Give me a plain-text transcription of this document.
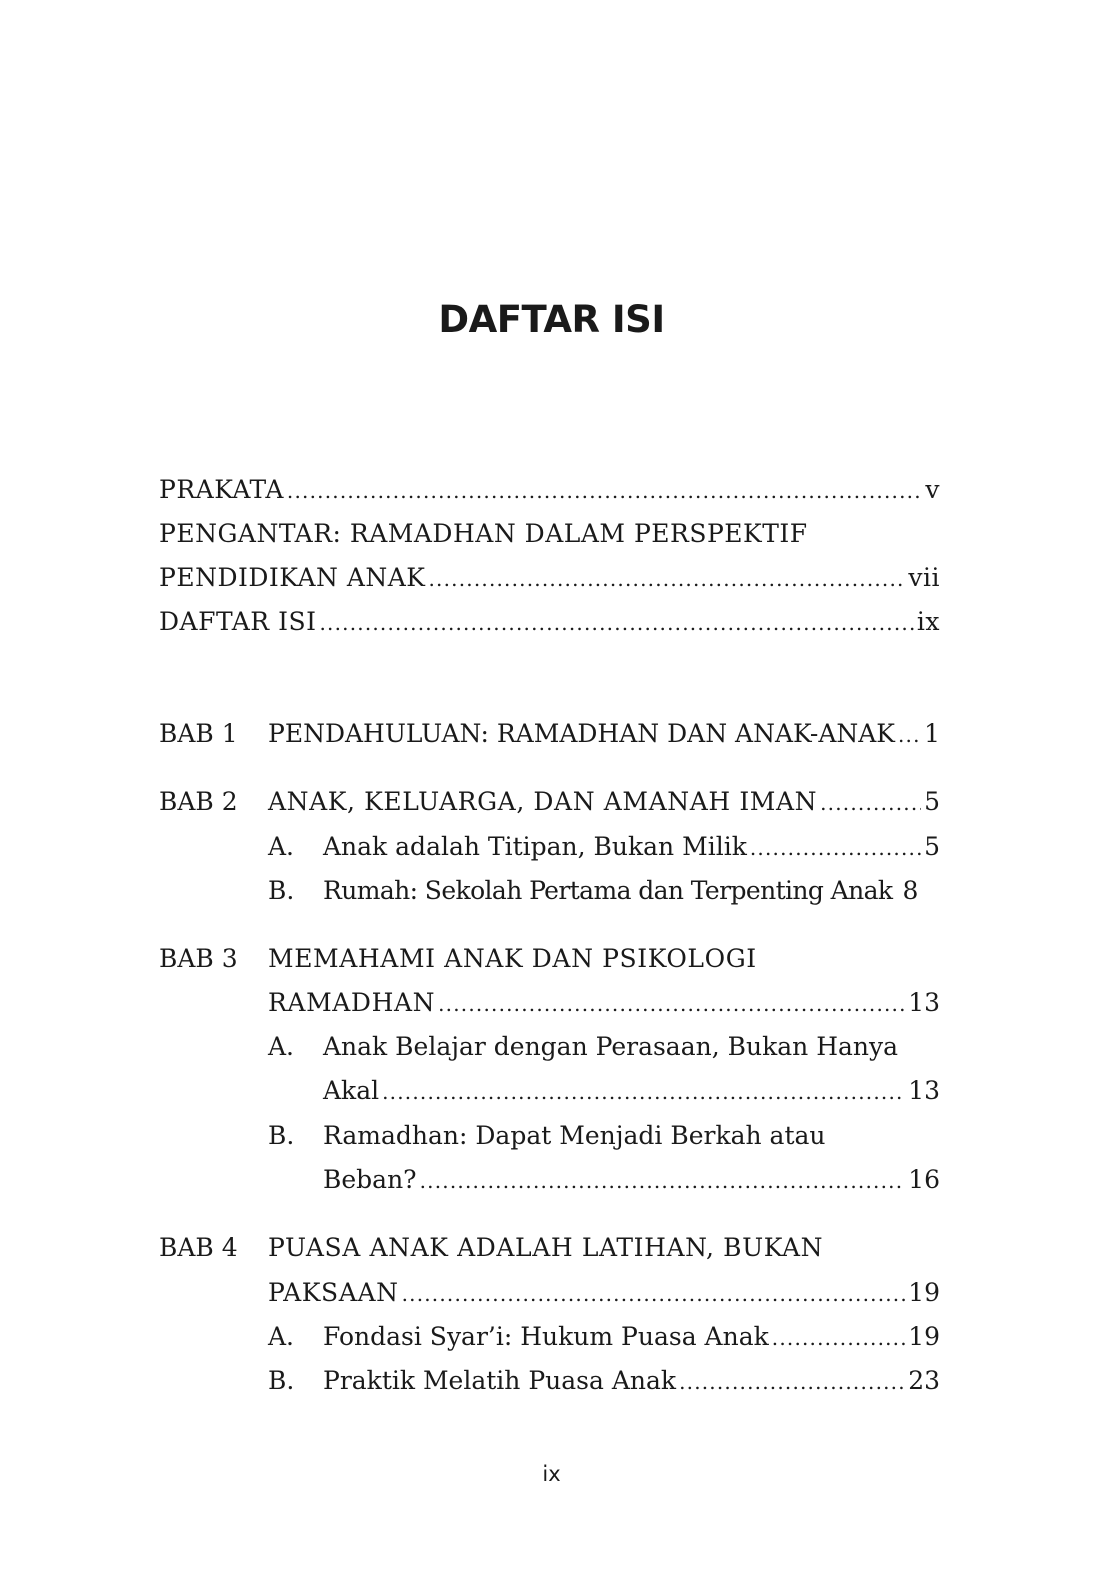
DAFTAR ISI
PRAKATA .....	v
PENGANTAR: RAMADHAN DALAM PERSPEKTIF
PENDIDIKAN ANAK .....	vii
DAFTAR ISI .....	ix
BAB 1 PENDAHULUAN: RAMADHAN DAN ANAK-ANAK ..... 1
BAB 2 ANAK, KELUARGA, DAN AMANAH IMAN .....	5
A. Anak adalah Titipan, Bukan Milik .....	5
B. Rumah: Sekolah Pertama dan Terpenting Anak 8
BAB 3 MEMAHAMI ANAK DAN PSIKOLOGI
RAMADHAN .....	13
A. Anak Belajar dengan Perasaan, Bukan Hanya
Akal .....	13
B. Ramadhan: Dapat Menjadi Berkah atau
Beban? .....	16
BAB 4 PUASA ANAK ADALAH LATIHAN, BUKAN
PAKSAAN .....	19
A. Fondasi Syar’i: Hukum Puasa Anak .....	19
B. Praktik Melatih Puasa Anak .....	23
ix
